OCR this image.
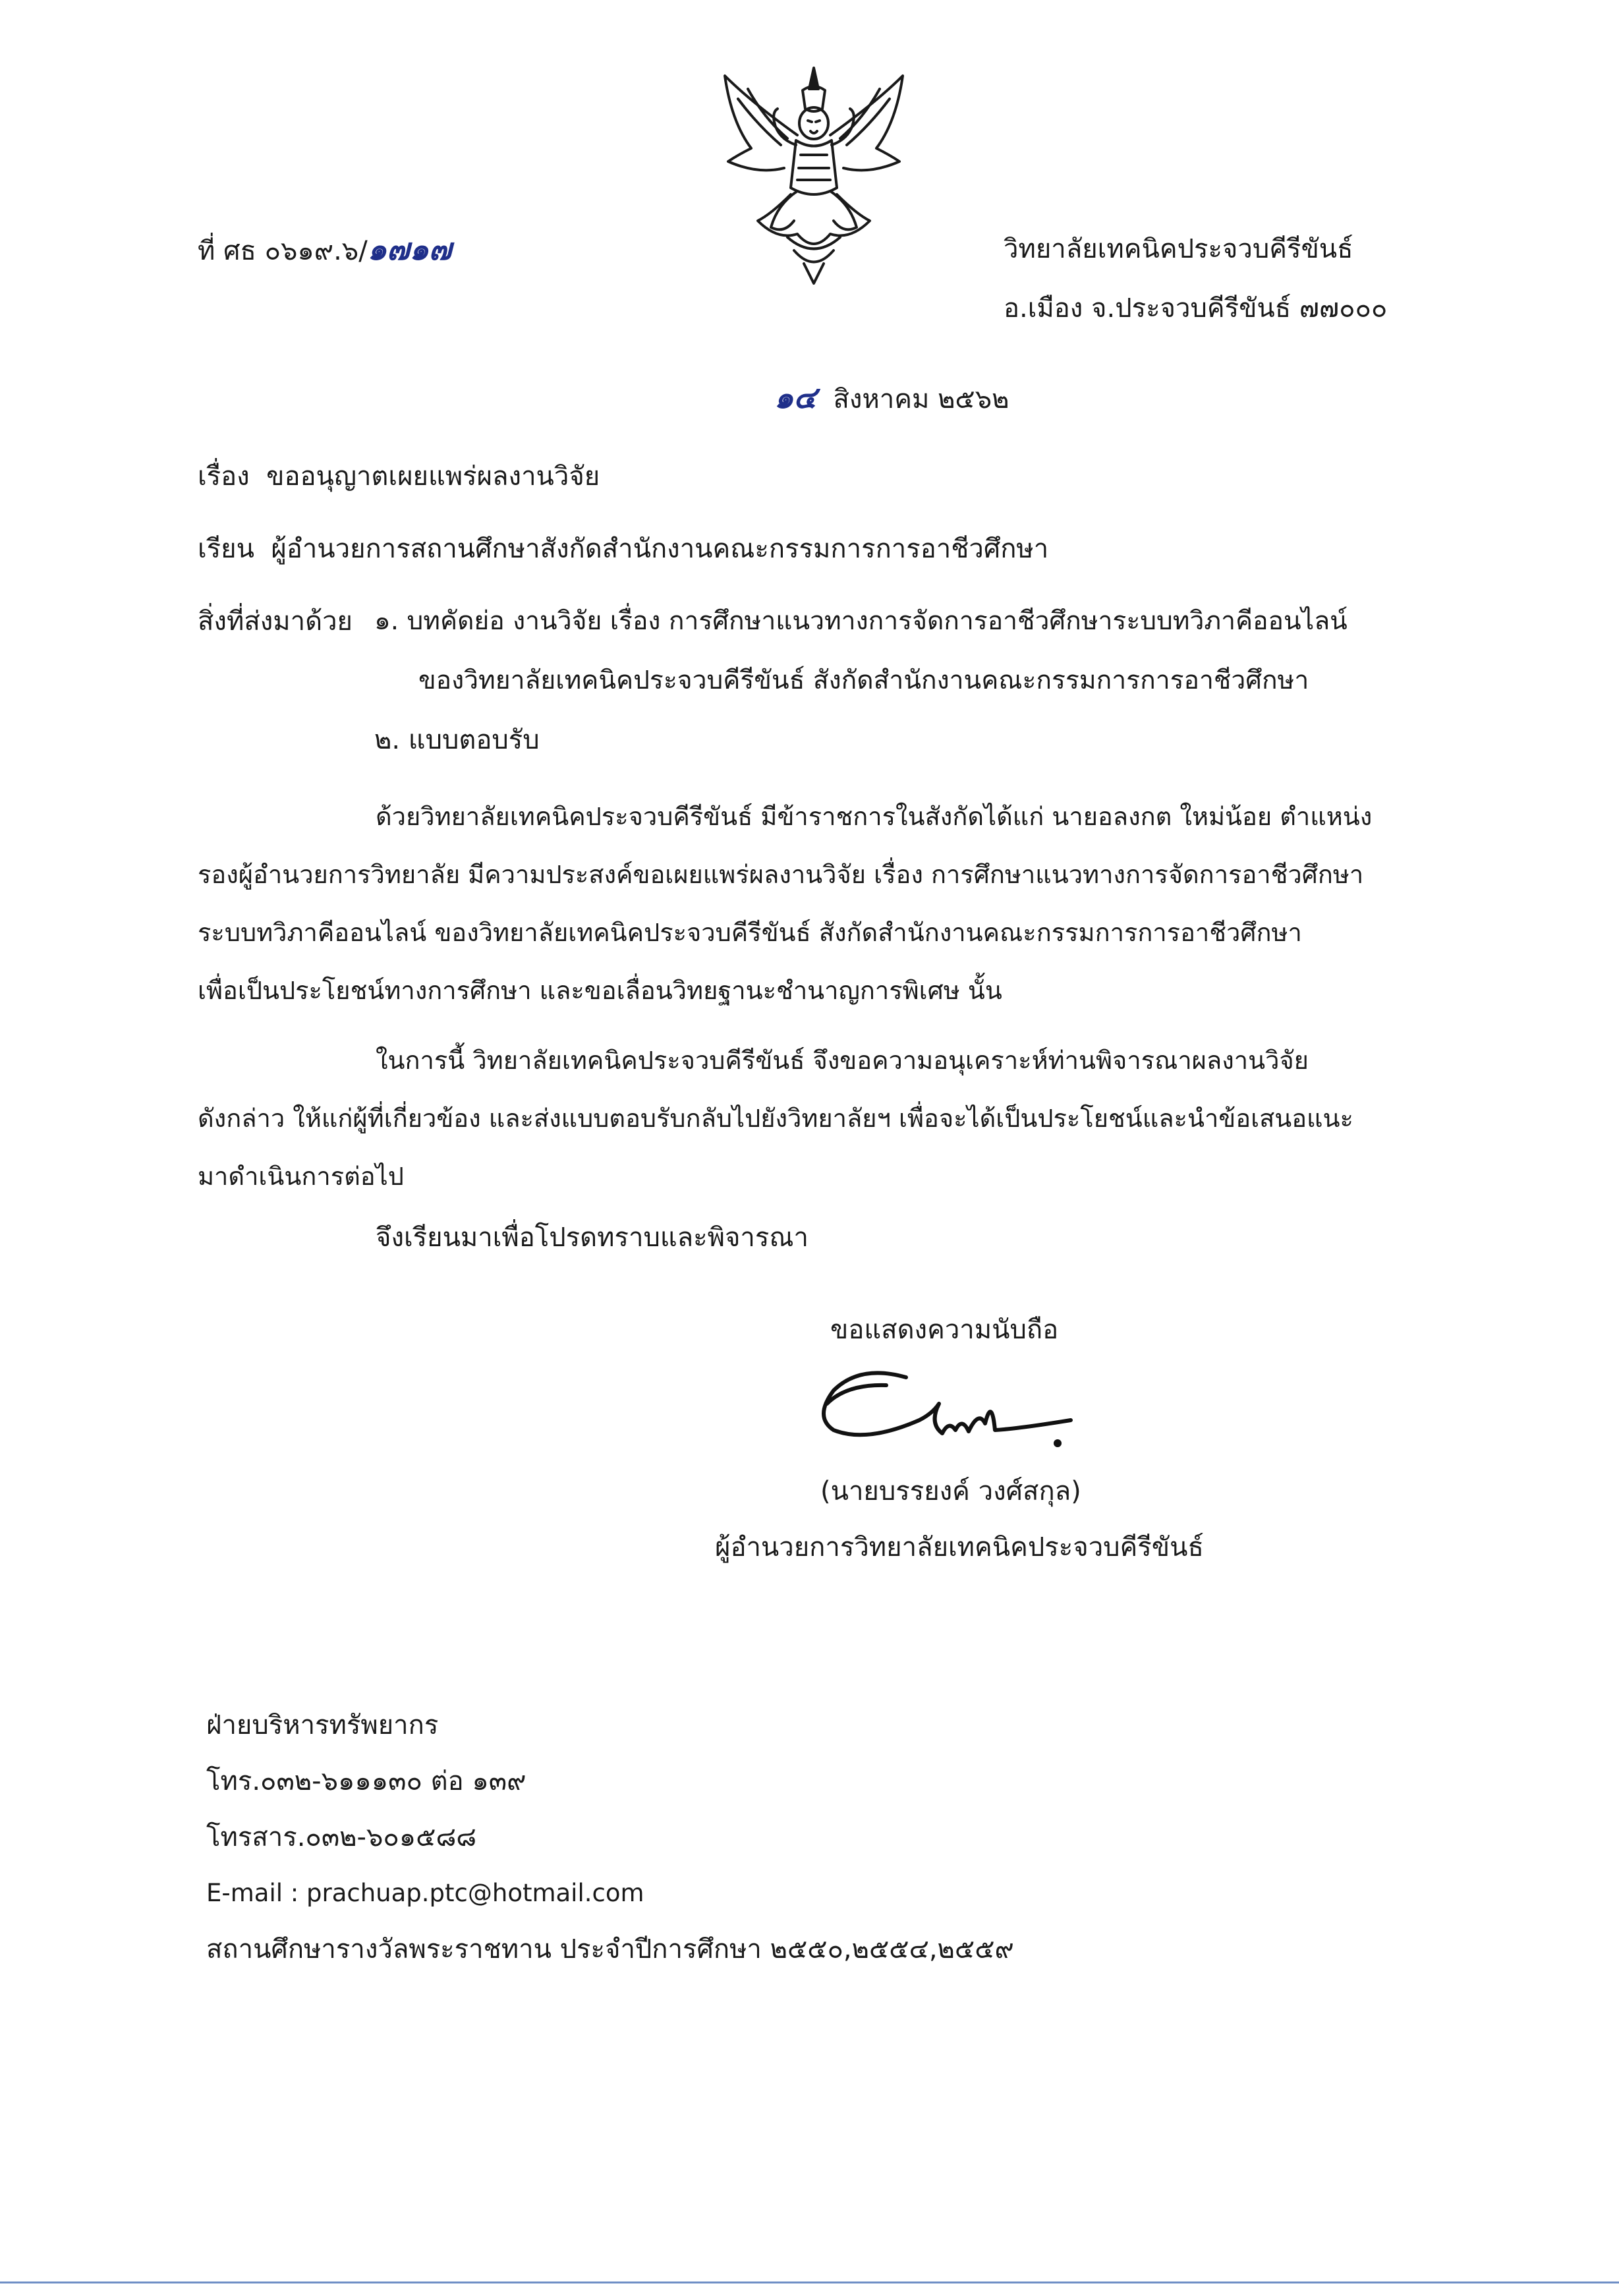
ที่ ศธ ๐๖๑๙.๖/๑๗๑๗	วิทยาลัยเทคนิคประจวบคีรีขันธ์
อ.เมือง จ.ประจวบคีรีขันธ์ ๗๗๐๐๐
๑๔ สิงหาคม ๒๕๖๒
เรื่อง ขออนุญาตเผยแพร่ผลงานวิจัย
เรียน ผู้อำนวยการสถานศึกษาสังกัดสำนักงานคณะกรรมการการอาชีวศึกษา
สิ่งที่ส่งมาด้วย ๑. บทคัดย่อ งานวิจัย เรื่อง การศึกษาแนวทางการจัดการอาชีวศึกษาระบบทวิภาคีออนไลน์
ของวิทยาลัยเทคนิคประจวบคีรีขันธ์ สังกัดสำนักงานคณะกรรมการการอาชีวศึกษา
๒. แบบตอบรับ
ด้วยวิทยาลัยเทคนิคประจวบคีรีขันธ์ มีข้าราชการในสังกัดได้แก่ นายอลงกต ใหม่น้อย ตำแหน่ง
รองผู้อำนวยการวิทยาลัย มีความประสงค์ขอเผยแพร่ผลงานวิจัย เรื่อง การศึกษาแนวทางการจัดการอาชีวศึกษา
ระบบทวิภาคีออนไลน์ ของวิทยาลัยเทคนิคประจวบคีรีขันธ์ สังกัดสำนักงานคณะกรรมการการอาชีวศึกษา
เพื่อเป็นประโยชน์ทางการศึกษา และขอเลื่อนวิทยฐานะชำนาญการพิเศษ นั้น
ในการนี้ วิทยาลัยเทคนิคประจวบคีรีขันธ์ จึงขอความอนุเคราะห์ท่านพิจารณาผลงานวิจัย
ดังกล่าว ให้แก่ผู้ที่เกี่ยวข้อง และส่งแบบตอบรับกลับไปยังวิทยาลัยฯ เพื่อจะได้เป็นประโยชน์และนำข้อเสนอแนะ
มาดำเนินการต่อไป
จึงเรียนมาเพื่อโปรดทราบและพิจารณา
ขอแสดงความนับถือ
(นายบรรยงค์ วงศ์สกุล)
ผู้อำนวยการวิทยาลัยเทคนิคประจวบคีรีขันธ์
ฝ่ายบริหารทรัพยากร
โทร.๐๓๒-๖๑๑๑๓๐ ต่อ ๑๓๙
โทรสาร.๐๓๒-๖๐๑๕๘๘
E-mail : prachuap.ptc@hotmail.com
สถานศึกษารางวัลพระราชทาน ประจำปีการศึกษา ๒๕๕๐,๒๕๕๔,๒๕๕๙
